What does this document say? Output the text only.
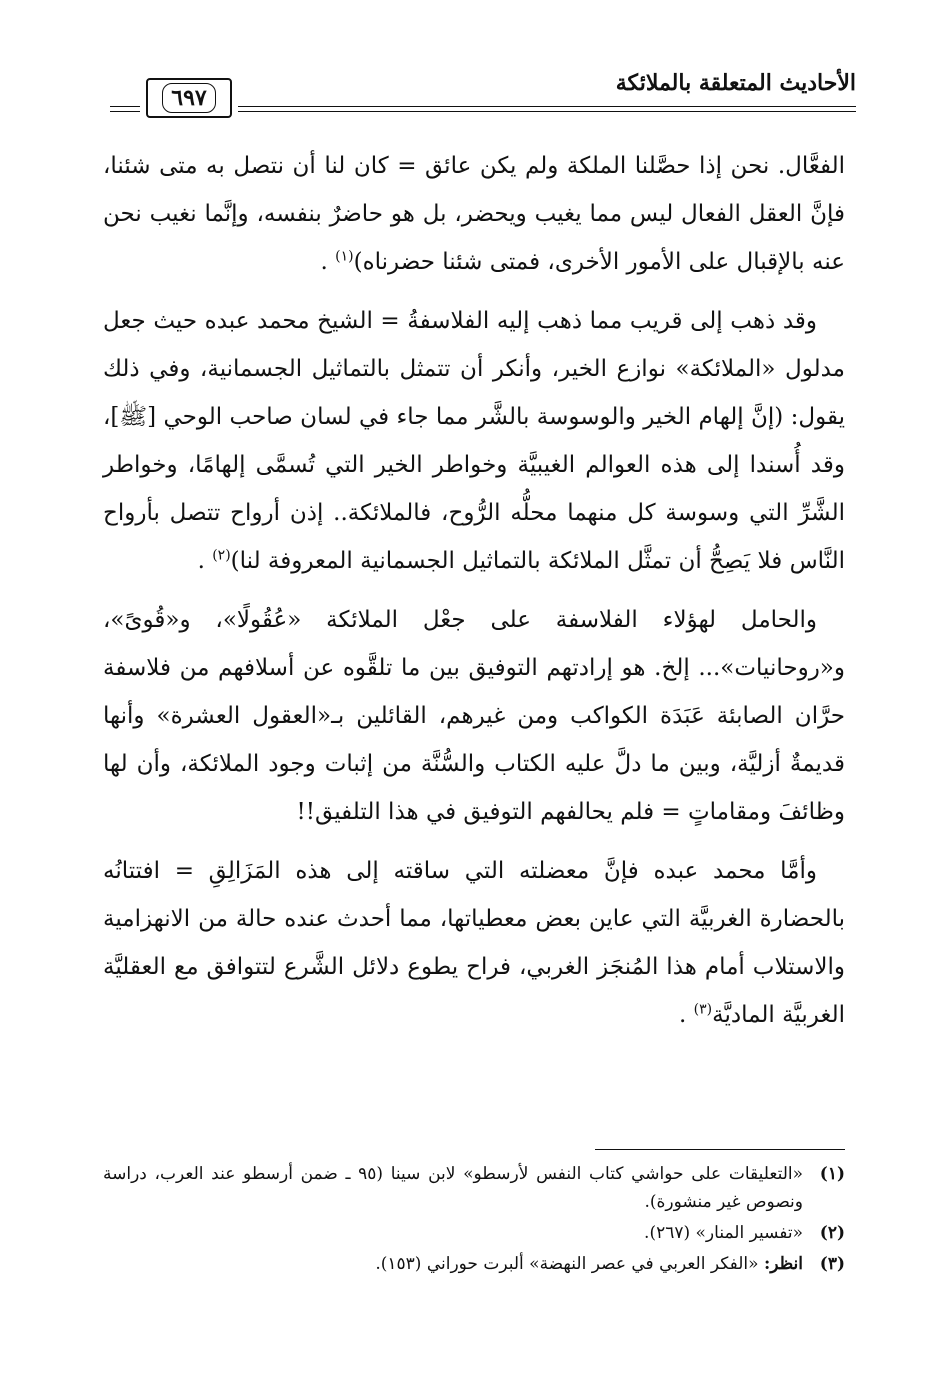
الأحاديث المتعلقة بالملائكة
٦٩٧

الفعَّال. نحن إذا حصَّلنا الملكة ولم يكن عائق = كان لنا أن نتصل به متى شئنا، فإنَّ العقل الفعال ليس مما يغيب ويحضر، بل هو حاضرٌ بنفسه، وإنَّما نغيب نحن عنه بالإقبال على الأمور الأخرى، فمتى شئنا حضرناه)$^{(١)}$ .

وقد ذهب إلى قريب مما ذهب إليه الفلاسفةُ = الشيخ محمد عبده حيث جعل مدلول «الملائكة» نوازع الخير، وأنكر أن تتمثل بالتماثيل الجسمانية، وفي ذلك يقول: (إنَّ إلهام الخير والوسوسة بالشَّر مما جاء في لسان صاحب الوحي [ﷺ]، وقد أُسندا إلى هذه العوالم الغيبيَّة وخواطر الخير التي تُسمَّى إلهامًا، وخواطر الشَّرِّ التي وسوسة كل منهما محلُّه الرُّوح، فالملائكة.. إذن أرواح تتصل بأرواح النَّاس فلا يَصِحُّ أن تمثَّل الملائكة بالتماثيل الجسمانية المعروفة لنا)$^{(٢)}$ .

والحامل لهؤلاء الفلاسفة على جعْل الملائكة «عُقُولًا»، و«قُوىً»، و«روحانيات»... إلخ. هو إرادتهم التوفيق بين ما تلقَّوه عن أسلافهم من فلاسفة حرَّان الصابئة عَبَدَة الكواكب ومن غيرهم، القائلين بـ«العقول العشرة» وأنها قديمةٌ أزليَّة، وبين ما دلَّ عليه الكتاب والسُّنَّة من إثبات وجود الملائكة، وأن لها وظائفَ ومقاماتٍ = فلم يحالفهم التوفيق في هذا التلفيق!!

وأمَّا محمد عبده فإنَّ معضلته التي ساقته إلى هذه المَزَالِقِ = افتتانُه بالحضارة الغربيَّة التي عاين بعض معطياتها، مما أحدث عنده حالة من الانهزامية والاستلاب أمام هذا المُنجَز الغربي، فراح يطوع دلائل الشَّرع لتتوافق مع العقليَّة الغربيَّة الماديَّة$^{(٣)}$ .

(١)
«التعليقات على حواشي كتاب النفس لأرسطو» لابن سينا (٩٥ ـ ضمن أرسطو عند العرب، دراسة ونصوص غير منشورة).
(٢)
«تفسير المنار» (٢٦٧).
(٣)
انظر: «الفكر العربي في عصر النهضة» ألبرت حوراني (١٥٣).
